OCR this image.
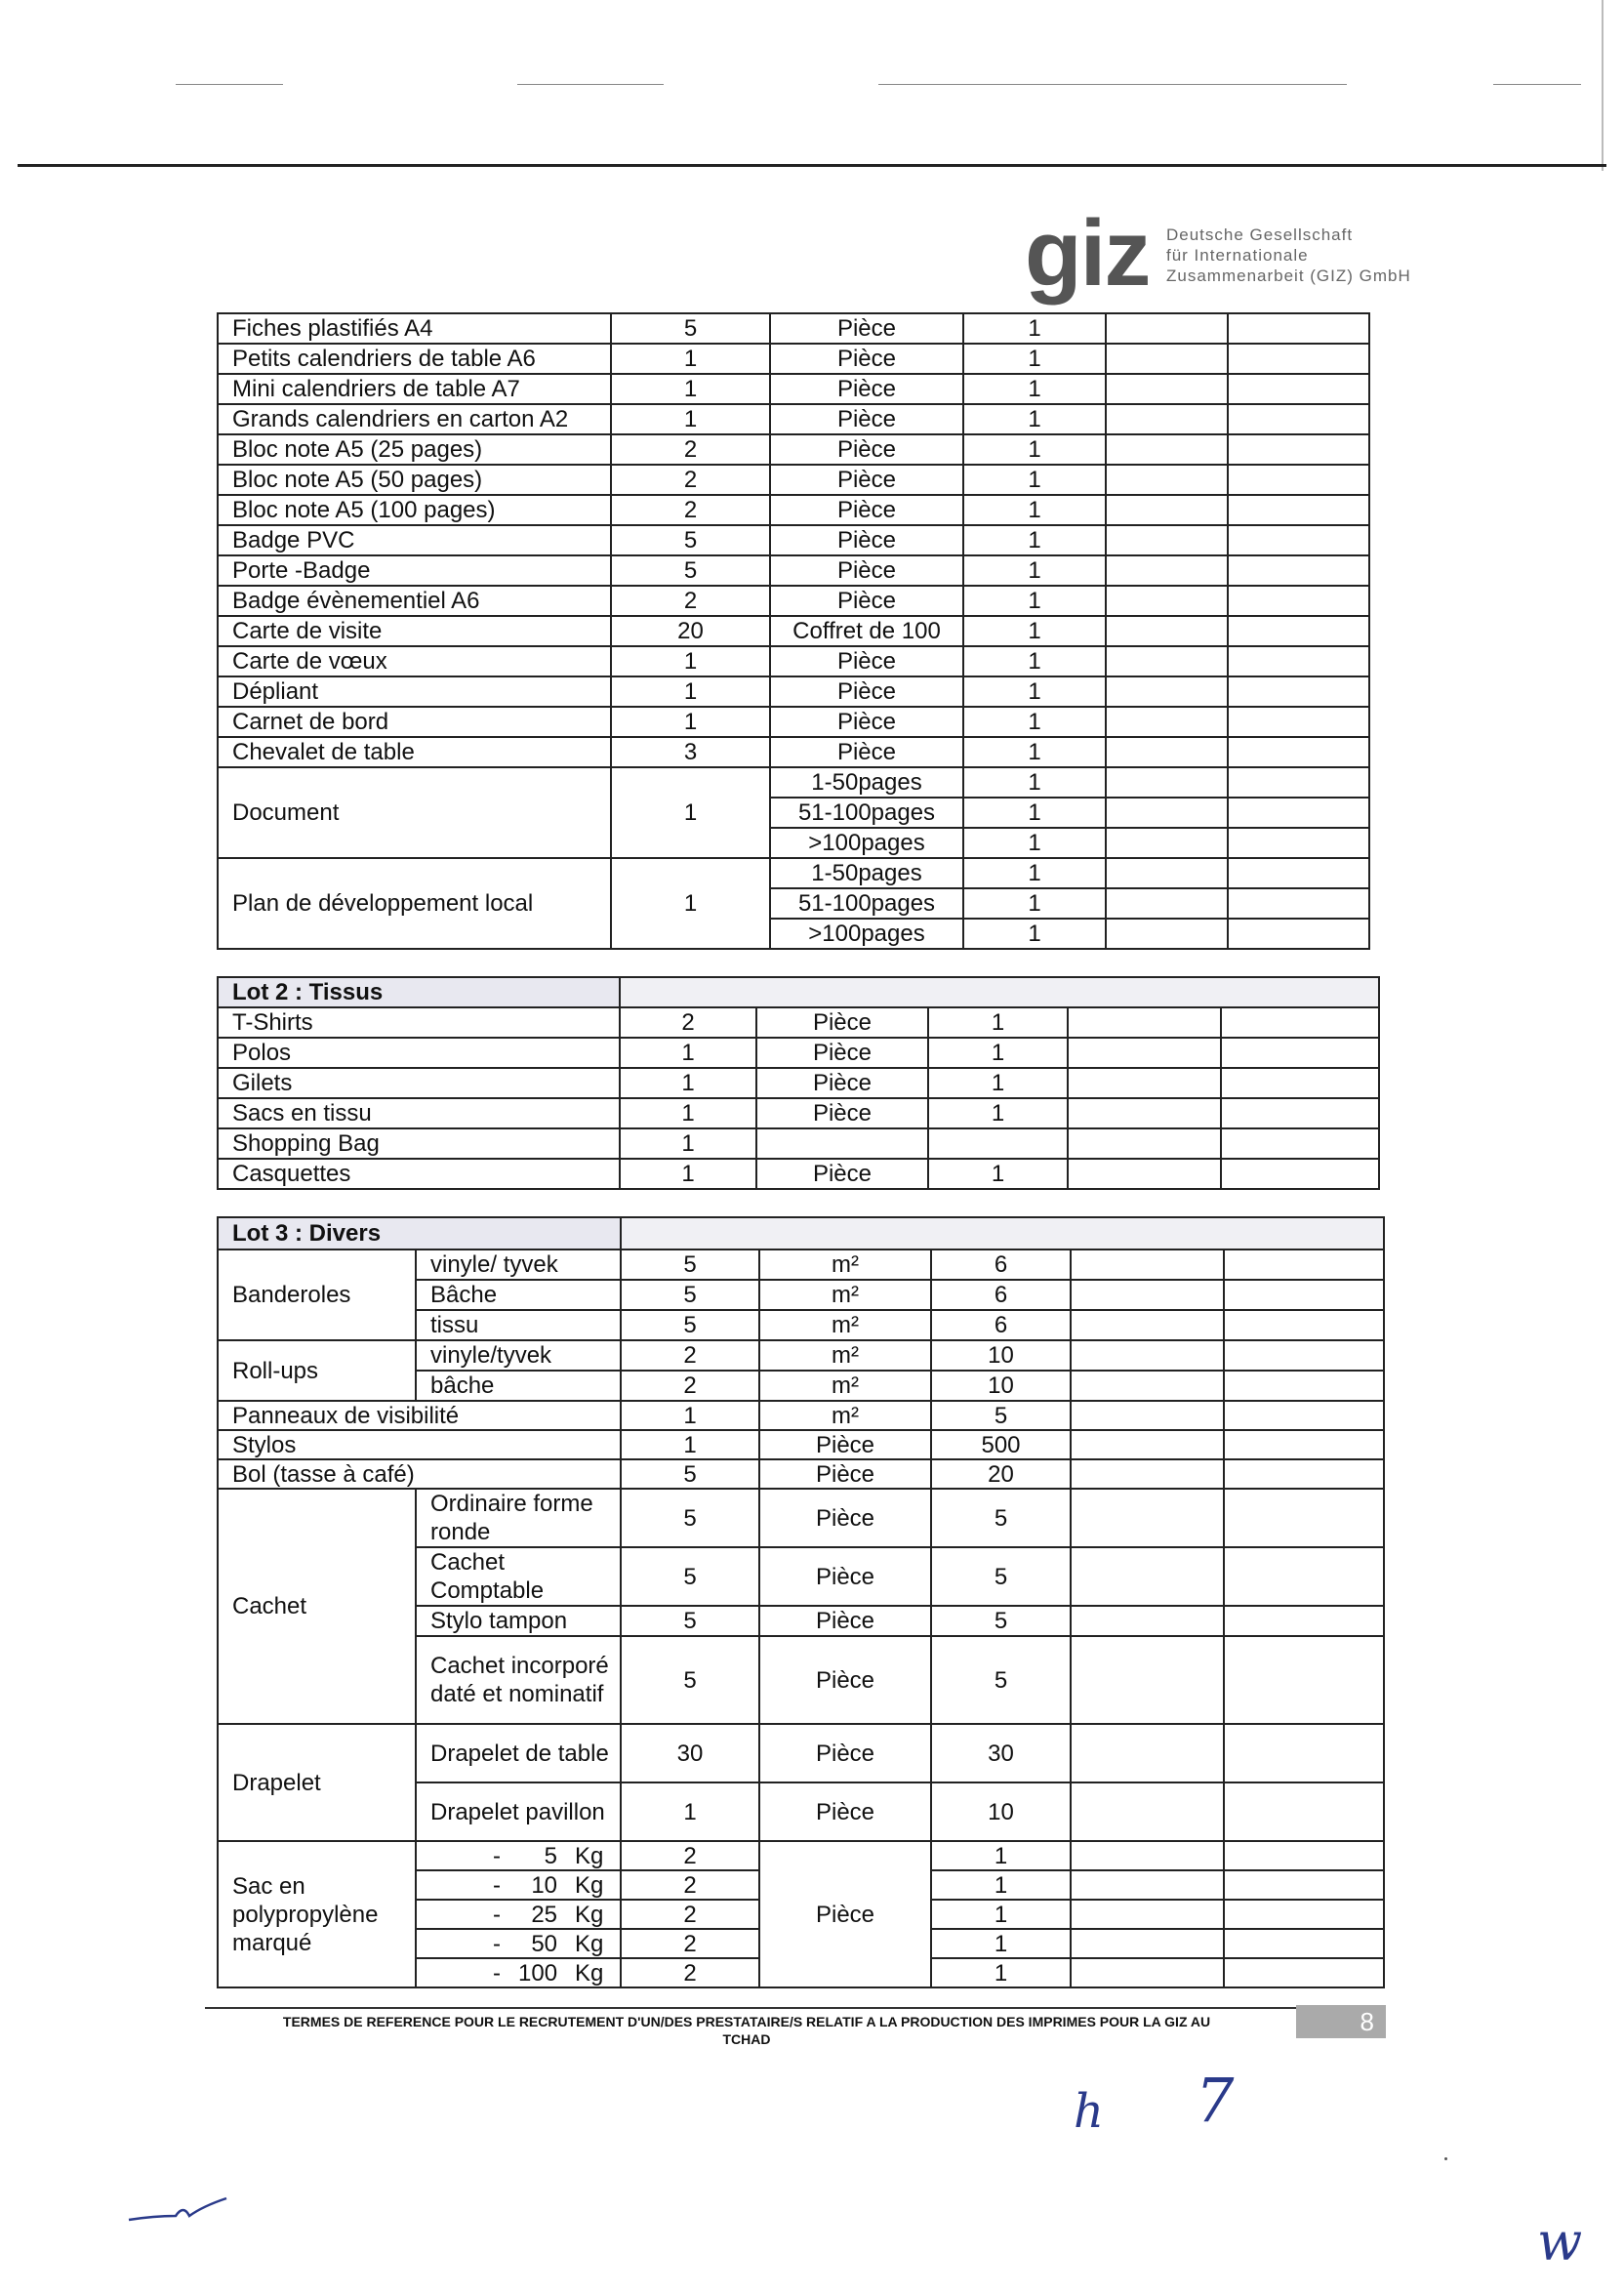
giz Deutsche Gesellschaft
für Internationale
Zusammenarbeit (GIZ) GmbH
Fiches plastifiés A4	5	Pièce	1		
Petits calendriers de table A6	1	Pièce	1		
Mini calendriers de table A7	1	Pièce	1		
Grands calendriers en carton A2	1	Pièce	1		
Bloc note A5 (25 pages)	2	Pièce	1		
Bloc note A5 (50 pages)	2	Pièce	1		
Bloc note A5 (100 pages)	2	Pièce	1		
Badge PVC	5	Pièce	1		
Porte -Badge	5	Pièce	1		
Badge évènementiel A6	2	Pièce	1		
Carte de visite	20	Coffret de 100	1		
Carte de vœux	1	Pièce	1		
Dépliant	1	Pièce	1		
Carnet de bord	1	Pièce	1		
Chevalet de table	3	Pièce	1		
Document	1	1-50pages	1		
		51-100pages	1		
		>100pages	1		
Plan de développement local	1	1-50pages	1		
		51-100pages	1		
		>100pages	1		
Lot 2 : Tissus					
T-Shirts	2	Pièce	1		
Polos	1	Pièce	1		
Gilets	1	Pièce	1		
Sacs en tissu	1	Pièce	1		
Shopping Bag	1				
Casquettes	1	Pièce	1		
Lot 3 : Divers						
Banderoles	vinyle/ tyvek	5	m²	6		
	Bâche	5	m²	6		
	tissu	5	m²	6		
Roll-ups	vinyle/tyvek	2	m²	10		
	bâche	2	m²	10		
Panneaux de visibilité		1	m²	5		
Stylos		1	Pièce	500		
Bol (tasse à café)		5	Pièce	20		
Cachet	Ordinaire forme ronde	5	Pièce	5		
	Cachet Comptable	5	Pièce	5		
	Stylo tampon	5	Pièce	5		
	Cachet incorporé daté et nominatif	5	Pièce	5		
Drapelet	Drapelet de table	30	Pièce	30		
	Drapelet pavillon	1	Pièce	10		
Sac en polypropylène marqué	- 5 Kg	2	Pièce	1		

	- 10 Kg	2		1		

	- 25 Kg	2		1		

	- 50 Kg	2		1		

	- 100 Kg	2		1		
TERMES DE REFERENCE POUR LE RECRUTEMENT D'UN/DES PRESTATAIRE/S RELATIF A LA PRODUCTION DES IMPRIMES POUR LA GIZ AU
TCHAD
8
h 7
w
